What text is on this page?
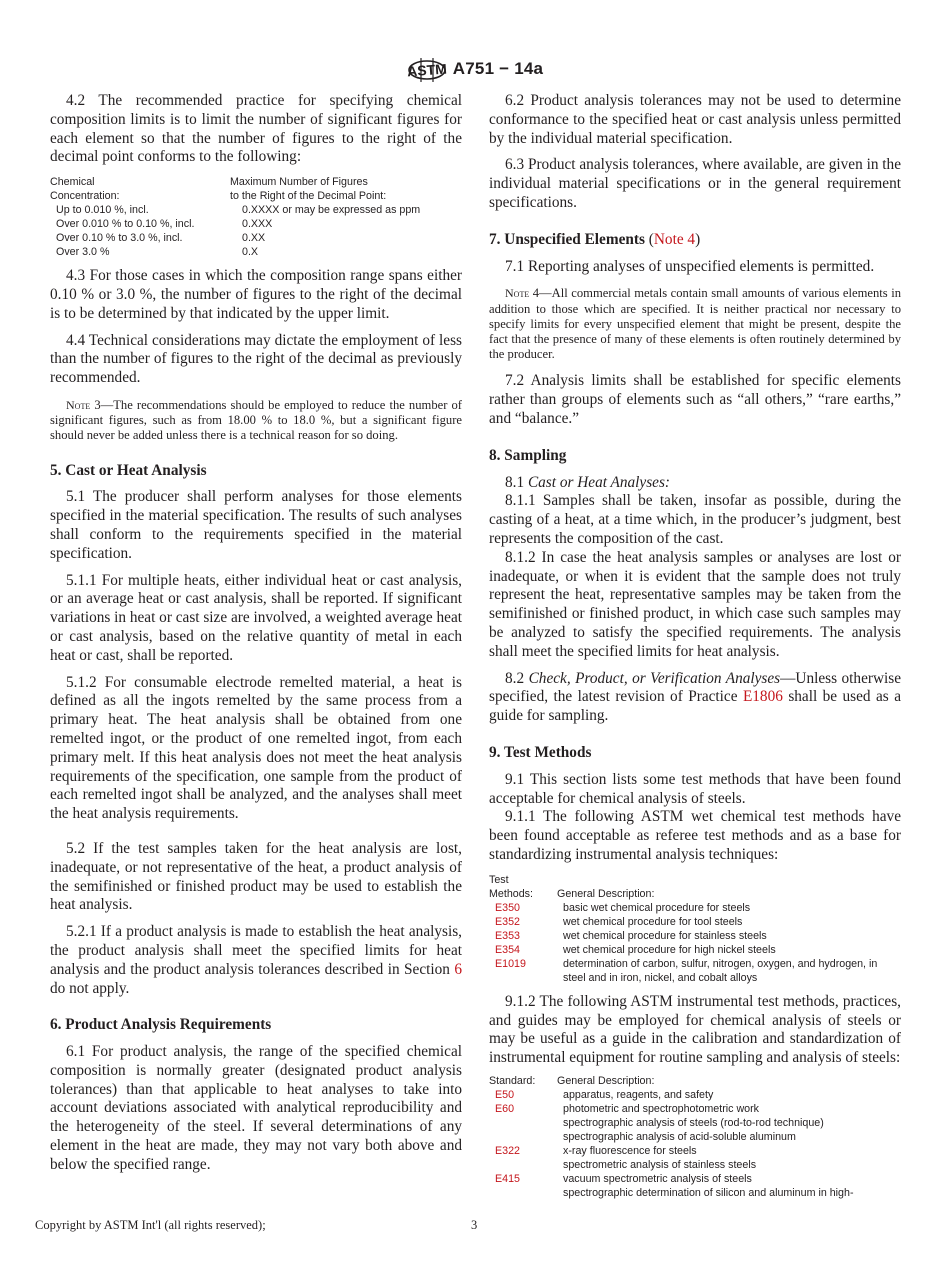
ASTM A751 − 14a

4.2 The recommended practice for specifying chemical composition limits is to limit the number of significant figures for each element so that the number of figures to the right of the decimal point conforms to the following:

Chemical	Maximum Number of Figures
Concentration:	to the Right of the Decimal Point:
Up to 0.010 %, incl.	0.XXXX or may be expressed as ppm
Over 0.010 % to 0.10 %, incl.	0.XXX
Over 0.10 % to 3.0 %, incl.	0.XX
Over 3.0 %	0.X

4.3 For those cases in which the composition range spans either 0.10 % or 3.0 %, the number of figures to the right of the decimal is to be determined by that indicated by the upper limit.

4.4 Technical considerations may dictate the employment of less than the number of figures to the right of the decimal as previously recommended.

Note 3—The recommendations should be employed to reduce the number of significant figures, such as from 18.00 % to 18.0 %, but a significant figure should never be added unless there is a technical reason for so doing.

5. Cast or Heat Analysis

5.1 The producer shall perform analyses for those elements specified in the material specification. The results of such analyses shall conform to the requirements specified in the material specification.

5.1.1 For multiple heats, either individual heat or cast analysis, or an average heat or cast analysis, shall be reported. If significant variations in heat or cast size are involved, a weighted average heat or cast analysis, based on the relative quantity of metal in each heat or cast, shall be reported.

5.1.2 For consumable electrode remelted material, a heat is defined as all the ingots remelted by the same process from a primary heat. The heat analysis shall be obtained from one remelted ingot, or the product of one remelted ingot, from each primary melt. If this heat analysis does not meet the heat analysis requirements of the specification, one sample from the product of each remelted ingot shall be analyzed, and the analyses shall meet the heat analysis requirements.

5.2 If the test samples taken for the heat analysis are lost, inadequate, or not representative of the heat, a product analysis of the semifinished or finished product may be used to establish the heat analysis.

5.2.1 If a product analysis is made to establish the heat analysis, the product analysis shall meet the specified limits for heat analysis and the product analysis tolerances described in Section 6 do not apply.

6. Product Analysis Requirements

6.1 For product analysis, the range of the specified chemical composition is normally greater (designated product analysis tolerances) than that applicable to heat analyses to take into account deviations associated with analytical reproducibility and the heterogeneity of the steel. If several determinations of any element in the heat are made, they may not vary both above and below the specified range.

6.2 Product analysis tolerances may not be used to determine conformance to the specified heat or cast analysis unless permitted by the individual material specification.

6.3 Product analysis tolerances, where available, are given in the individual material specifications or in the general requirement specifications.

7. Unspecified Elements (Note 4)

7.1 Reporting analyses of unspecified elements is permitted.

Note 4—All commercial metals contain small amounts of various elements in addition to those which are specified. It is neither practical nor necessary to specify limits for every unspecified element that might be present, despite the fact that the presence of many of these elements is often routinely determined by the producer.

7.2 Analysis limits shall be established for specific elements rather than groups of elements such as “all others,” “rare earths,” and “balance.”

8. Sampling

8.1 Cast or Heat Analyses:

8.1.1 Samples shall be taken, insofar as possible, during the casting of a heat, at a time which, in the producer’s judgment, best represents the composition of the cast.

8.1.2 In case the heat analysis samples or analyses are lost or inadequate, or when it is evident that the sample does not truly represent the heat, representative samples may be taken from the semifinished or finished product, in which case such samples may be analyzed to satisfy the specified requirements. The analysis shall meet the specified limits for heat analysis.

8.2 Check, Product, or Verification Analyses—Unless otherwise specified, the latest revision of Practice E1806 shall be used as a guide for sampling.

9. Test Methods

9.1 This section lists some test methods that have been found acceptable for chemical analysis of steels.

9.1.1 The following ASTM wet chemical test methods have been found acceptable as referee test methods and as a base for standardizing instrumental analysis techniques:

Test
Methods:	General Description:
E350	basic wet chemical procedure for steels
E352	wet chemical procedure for tool steels
E353	wet chemical procedure for stainless steels
E354	wet chemical procedure for high nickel steels
E1019	determination of carbon, sulfur, nitrogen, oxygen, and hydrogen, in
steel and in iron, nickel, and cobalt alloys

9.1.2 The following ASTM instrumental test methods, practices, and guides may be employed for chemical analysis of steels or may be useful as a guide in the calibration and standardization of instrumental equipment for routine sampling and analysis of steels:

Standard:	General Description:
E50	apparatus, reagents, and safety
E60	photometric and spectrophotometric work
spectrographic analysis of steels (rod-to-rod technique)
spectrographic analysis of acid-soluble aluminum
E322	x-ray fluorescence for steels
spectrometric analysis of stainless steels
E415	vacuum spectrometric analysis of steels
spectrographic determination of silicon and aluminum in high-
Copyright by ASTM Int'l (all rights reserved);	3
